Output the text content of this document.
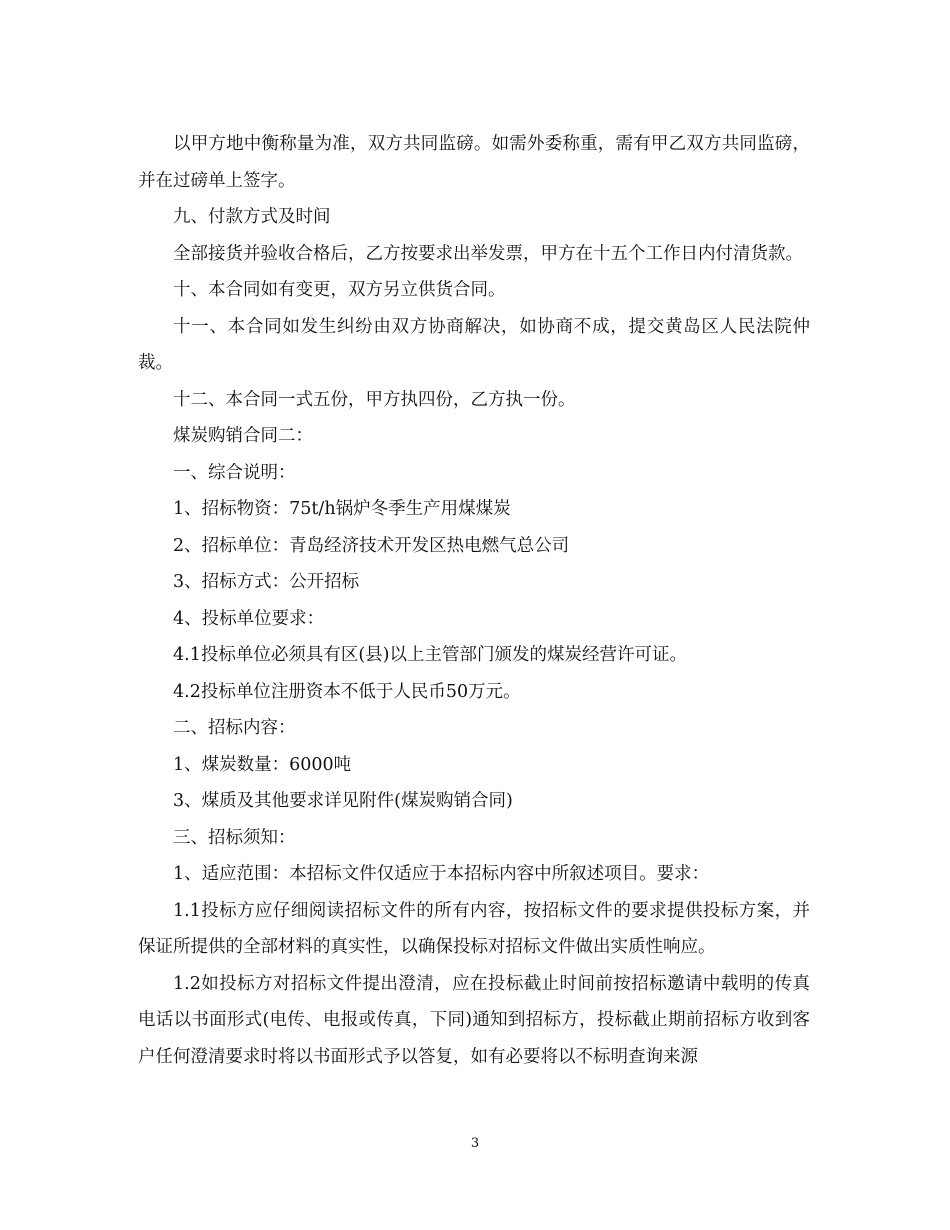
以甲方地中衡称量为准，双方共同监磅。如需外委称重，需有甲乙双方共同监磅，并在过磅单上签字。

九、付款方式及时间

全部接货并验收合格后，乙方按要求出举发票，甲方在十五个工作日内付清货款。

十、本合同如有变更，双方另立供货合同。

十一、本合同如发生纠纷由双方协商解决，如协商不成，提交黄岛区人民法院仲裁。

十二、本合同一式五份，甲方执四份，乙方执一份。

煤炭购销合同二：

一、综合说明：

1、招标物资：75t/h锅炉冬季生产用煤煤炭

2、招标单位：青岛经济技术开发区热电燃气总公司

3、招标方式：公开招标

4、投标单位要求：

4.1投标单位必须具有区(县)以上主管部门颁发的煤炭经营许可证。

4.2投标单位注册资本不低于人民币50万元。

二、招标内容：

1、煤炭数量：6000吨

3、煤质及其他要求详见附件(煤炭购销合同)

三、招标须知：

1、适应范围：本招标文件仅适应于本招标内容中所叙述项目。要求：

1.1投标方应仔细阅读招标文件的所有内容，按招标文件的要求提供投标方案，并保证所提供的全部材料的真实性，以确保投标对招标文件做出实质性响应。

1.2如投标方对招标文件提出澄清，应在投标截止时间前按招标邀请中载明的传真电话以书面形式(电传、电报或传真，下同)通知到招标方，投标截止期前招标方收到客户任何澄清要求时将以书面形式予以答复，如有必要将以不标明查询来源

3
